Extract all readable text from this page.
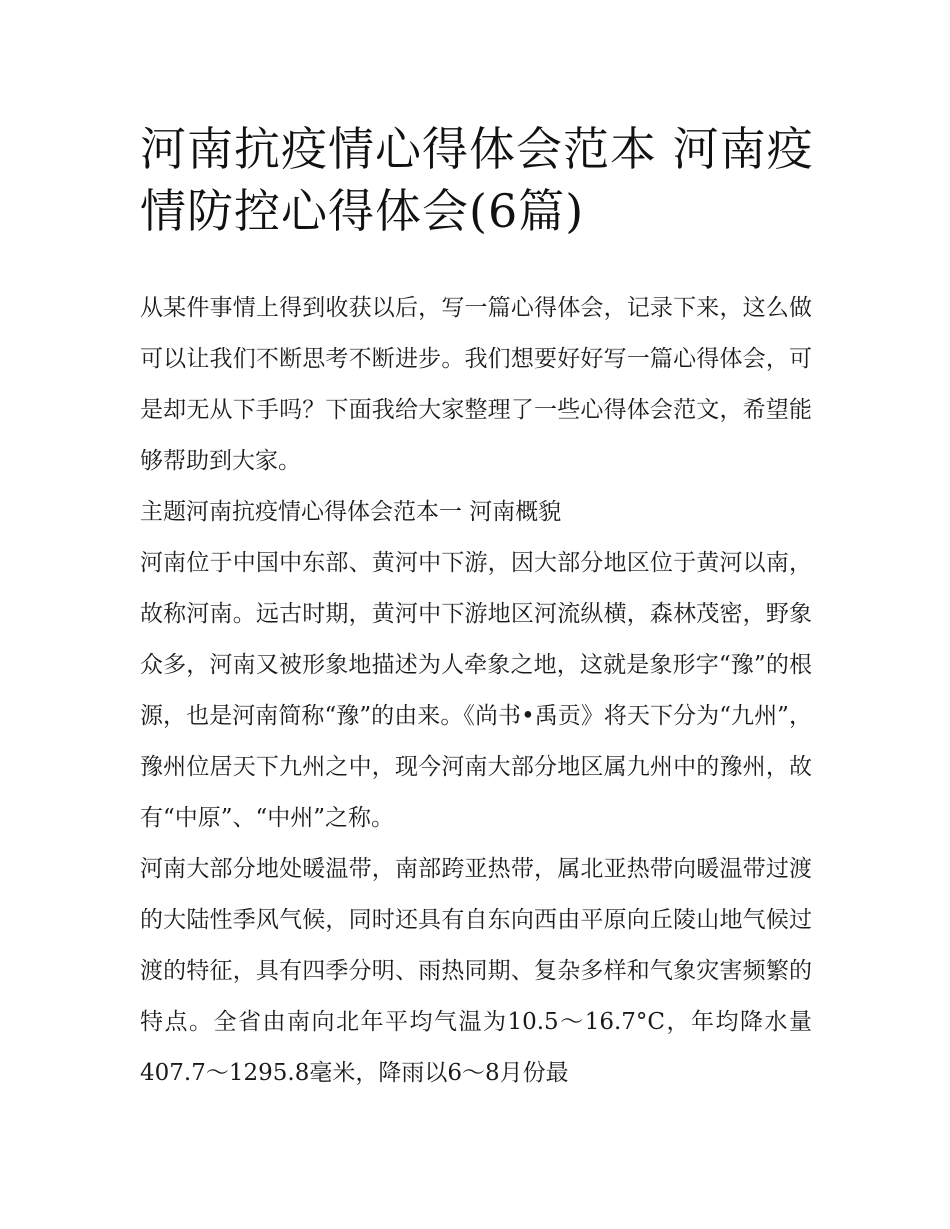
河南抗疫情心得体会范本 河南疫情防控心得体会(6篇)

从某件事情上得到收获以后，写一篇心得体会，记录下来，这么做可以让我们不断思考不断进步。我们想要好好写一篇心得体会，可是却无从下手吗？下面我给大家整理了一些心得体会范文，希望能够帮助到大家。

主题河南抗疫情心得体会范本一 河南概貌

河南位于中国中东部、黄河中下游，因大部分地区位于黄河以南，故称河南。远古时期，黄河中下游地区河流纵横，森林茂密，野象众多，河南又被形象地描述为人牵象之地，这就是象形字“豫”的根源，也是河南简称“豫”的由来。《尚书•禹贡》将天下分为“九州”，豫州位居天下九州之中，现今河南大部分地区属九州中的豫州，故有“中原”、“中州”之称。

河南大部分地处暖温带，南部跨亚热带，属北亚热带向暖温带过渡的大陆性季风气候，同时还具有自东向西由平原向丘陵山地气候过渡的特征，具有四季分明、雨热同期、复杂多样和气象灾害频繁的特点。全省由南向北年平均气温为10.5～16.7°C，年均降水量407.7～1295.8毫米，降雨以6～8月份最
